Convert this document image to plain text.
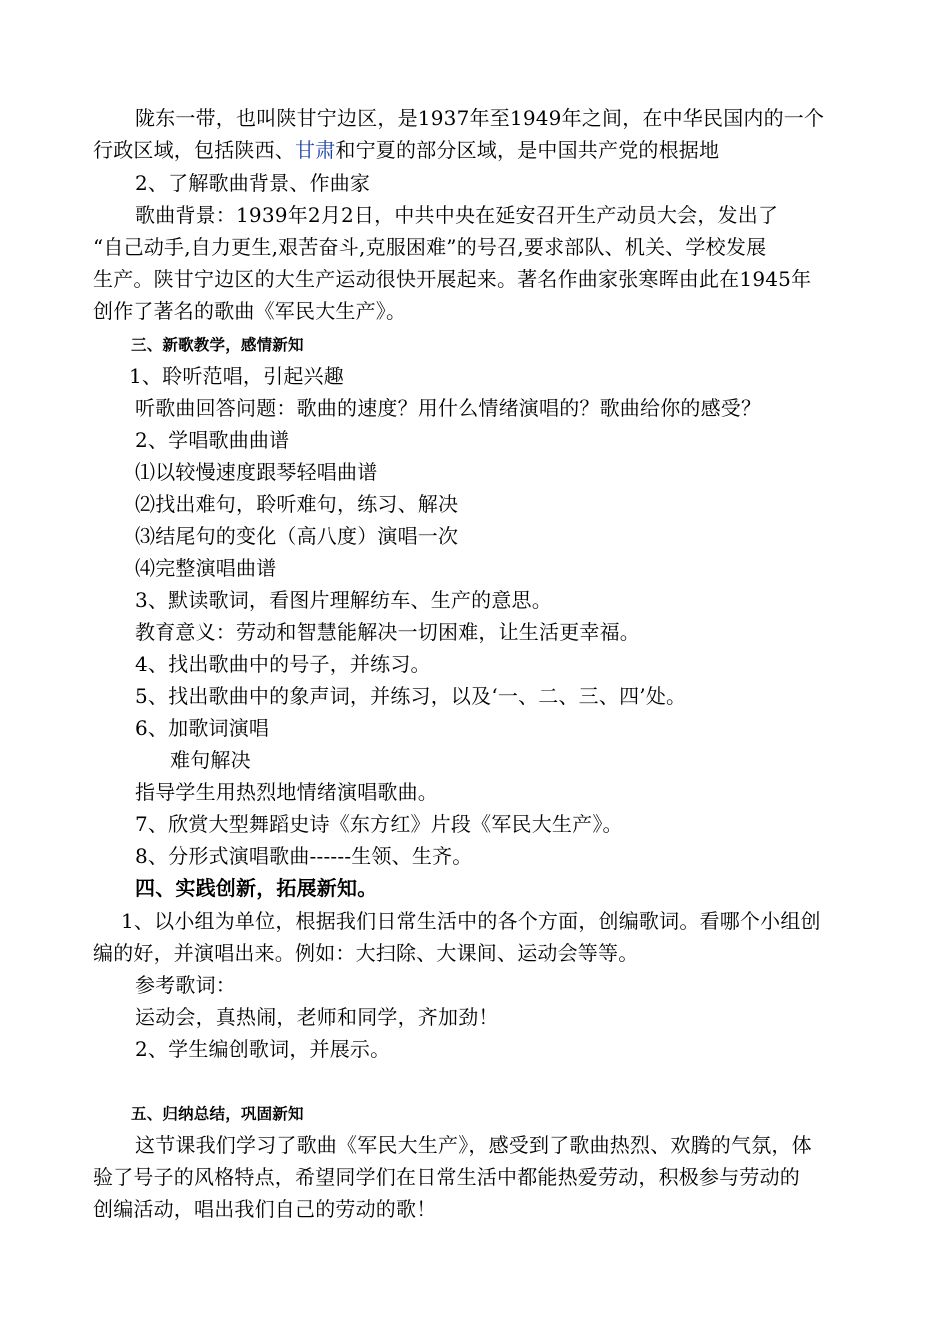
陇东一带，也叫陕甘宁边区，是1937年至1949年之间，在中华民国内的一个
行政区域，包括陕西、甘肃和宁夏的部分区域，是中国共产党的根据地
2、了解歌曲背景、作曲家
歌曲背景：1939年2月2日，中共中央在延安召开生产动员大会，发出了
“自己动手,自力更生,艰苦奋斗,克服困难”的号召,要求部队、机关、学校发展
生产。陕甘宁边区的大生产运动很快开展起来。著名作曲家张寒晖由此在1945年
创作了著名的歌曲《军民大生产》。
三、新歌教学，感情新知
1、聆听范唱，引起兴趣
听歌曲回答问题：歌曲的速度？用什么情绪演唱的？歌曲给你的感受？
2、学唱歌曲曲谱
⑴以较慢速度跟琴轻唱曲谱
⑵找出难句，聆听难句，练习、解决
⑶结尾句的变化（高八度）演唱一次
⑷完整演唱曲谱
3、默读歌词，看图片理解纺车、生产的意思。
教育意义：劳动和智慧能解决一切困难，让生活更幸福。
4、找出歌曲中的号子，并练习。
5、找出歌曲中的象声词，并练习，以及‘一、二、三、四’处。
6、加歌词演唱
难句解决
指导学生用热烈地情绪演唱歌曲。
7、欣赏大型舞蹈史诗《东方红》片段《军民大生产》。
8、分形式演唱歌曲------生领、生齐。
四、实践创新，拓展新知。
1、以小组为单位，根据我们日常生活中的各个方面，创编歌词。看哪个小组创
编的好，并演唱出来。例如：大扫除、大课间、运动会等等。
参考歌词：
运动会，真热闹，老师和同学，齐加劲！
2、学生编创歌词，并展示。
五、归纳总结，巩固新知
这节课我们学习了歌曲《军民大生产》，感受到了歌曲热烈、欢腾的气氛，体
验了号子的风格特点，希望同学们在日常生活中都能热爱劳动，积极参与劳动的
创编活动，唱出我们自己的劳动的歌！
